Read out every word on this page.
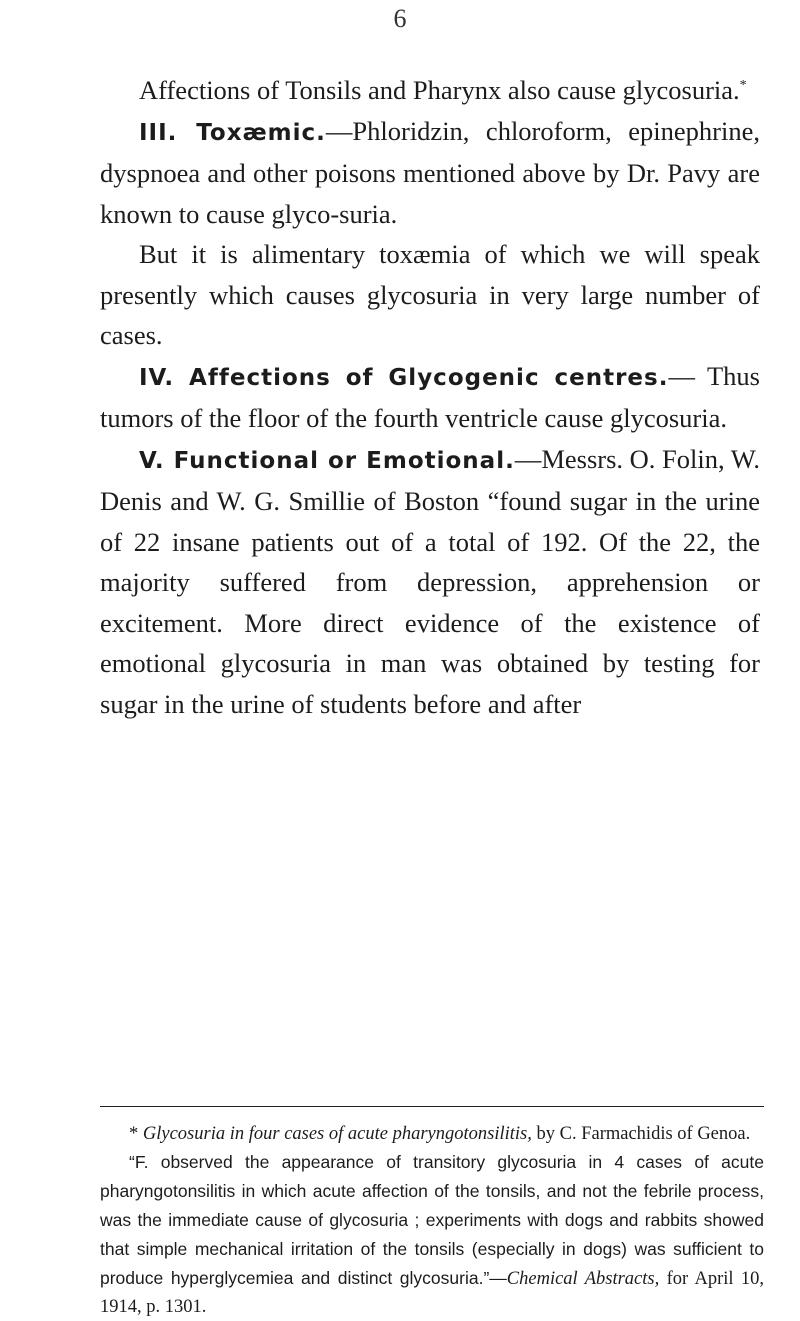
6

Affections of Tonsils and Pharynx also cause glycosuria.*

III. Toxæmic.—Phloridzin, chloroform, epinephrine, dyspnoea and other poisons mentioned above by Dr. Pavy are known to cause glyco-suria.

But it is alimentary toxæmia of which we will speak presently which causes glycosuria in very large number of cases.

IV. Affections of Glycogenic centres.— Thus tumors of the floor of the fourth ventricle cause glycosuria.

V. Functional or Emotional.—Messrs. O. Folin, W. Denis and W. G. Smillie of Boston “found sugar in the urine of 22 insane patients out of a total of 192. Of the 22, the majority suffered from depression, apprehension or excitement. More direct evidence of the existence of emotional glycosuria in man was obtained by testing for sugar in the urine of students before and after

* Glycosuria in four cases of acute pharyngotonsilitis, by C. Farmachidis of Genoa.

“F. observed the appearance of transitory glycosuria in 4 cases of acute pharyngotonsilitis in which acute affection of the tonsils, and not the febrile process, was the immediate cause of glycosuria ; experiments with dogs and rabbits showed that simple mechanical irritation of the tonsils (especially in dogs) was sufficient to produce hyperglycemiea and distinct glycosuria.”—Chemical Abstracts, for April 10, 1914, p. 1301.
